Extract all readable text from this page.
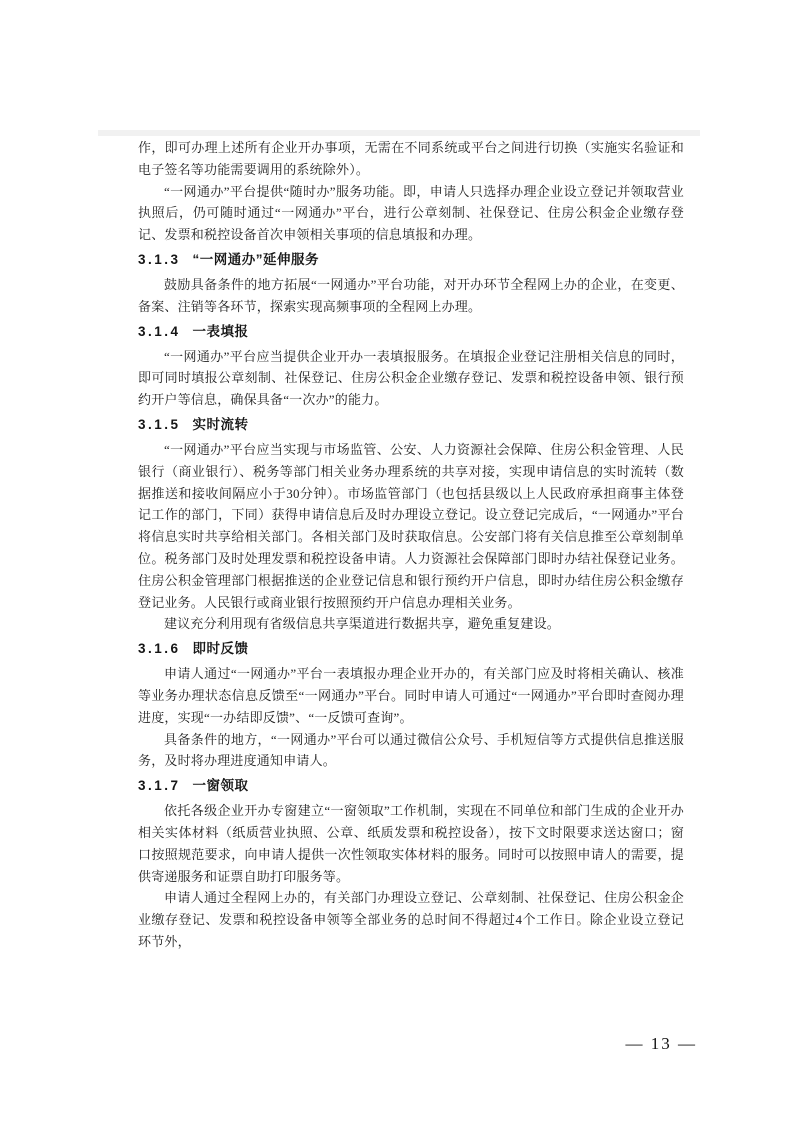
作，即可办理上述所有企业开办事项，无需在不同系统或平台之间进行切换（实施实名验证和电子签名等功能需要调用的系统除外）。

“一网通办”平台提供“随时办”服务功能。即，申请人只选择办理企业设立登记并领取营业执照后，仍可随时通过“一网通办”平台，进行公章刻制、社保登记、住房公积金企业缴存登记、发票和税控设备首次申领相关事项的信息填报和办理。

3.1.3 “一网通办”延伸服务

鼓励具备条件的地方拓展“一网通办”平台功能，对开办环节全程网上办的企业，在变更、备案、注销等各环节，探索实现高频事项的全程网上办理。

3.1.4 一表填报

“一网通办”平台应当提供企业开办一表填报服务。在填报企业登记注册相关信息的同时，即可同时填报公章刻制、社保登记、住房公积金企业缴存登记、发票和税控设备申领、银行预约开户等信息，确保具备“一次办”的能力。

3.1.5 实时流转

“一网通办”平台应当实现与市场监管、公安、人力资源社会保障、住房公积金管理、人民银行（商业银行）、税务等部门相关业务办理系统的共享对接，实现申请信息的实时流转（数据推送和接收间隔应小于30分钟）。市场监管部门（也包括县级以上人民政府承担商事主体登记工作的部门，下同）获得申请信息后及时办理设立登记。设立登记完成后，“一网通办”平台将信息实时共享给相关部门。各相关部门及时获取信息。公安部门将有关信息推至公章刻制单位。税务部门及时处理发票和税控设备申请。人力资源社会保障部门即时办结社保登记业务。住房公积金管理部门根据推送的企业登记信息和银行预约开户信息，即时办结住房公积金缴存登记业务。人民银行或商业银行按照预约开户信息办理相关业务。

建议充分利用现有省级信息共享渠道进行数据共享，避免重复建设。

3.1.6 即时反馈

申请人通过“一网通办”平台一表填报办理企业开办的，有关部门应及时将相关确认、核准等业务办理状态信息反馈至“一网通办”平台。同时申请人可通过“一网通办”平台即时查阅办理进度，实现“一办结即反馈”、“一反馈可查询”。

具备条件的地方，“一网通办”平台可以通过微信公众号、手机短信等方式提供信息推送服务，及时将办理进度通知申请人。

3.1.7 一窗领取

依托各级企业开办专窗建立“一窗领取”工作机制，实现在不同单位和部门生成的企业开办相关实体材料（纸质营业执照、公章、纸质发票和税控设备），按下文时限要求送达窗口；窗口按照规范要求，向申请人提供一次性领取实体材料的服务。同时可以按照申请人的需要，提供寄递服务和证票自助打印服务等。

申请人通过全程网上办的，有关部门办理设立登记、公章刻制、社保登记、住房公积金企业缴存登记、发票和税控设备申领等全部业务的总时间不得超过4个工作日。除企业设立登记环节外，

— 13 —
